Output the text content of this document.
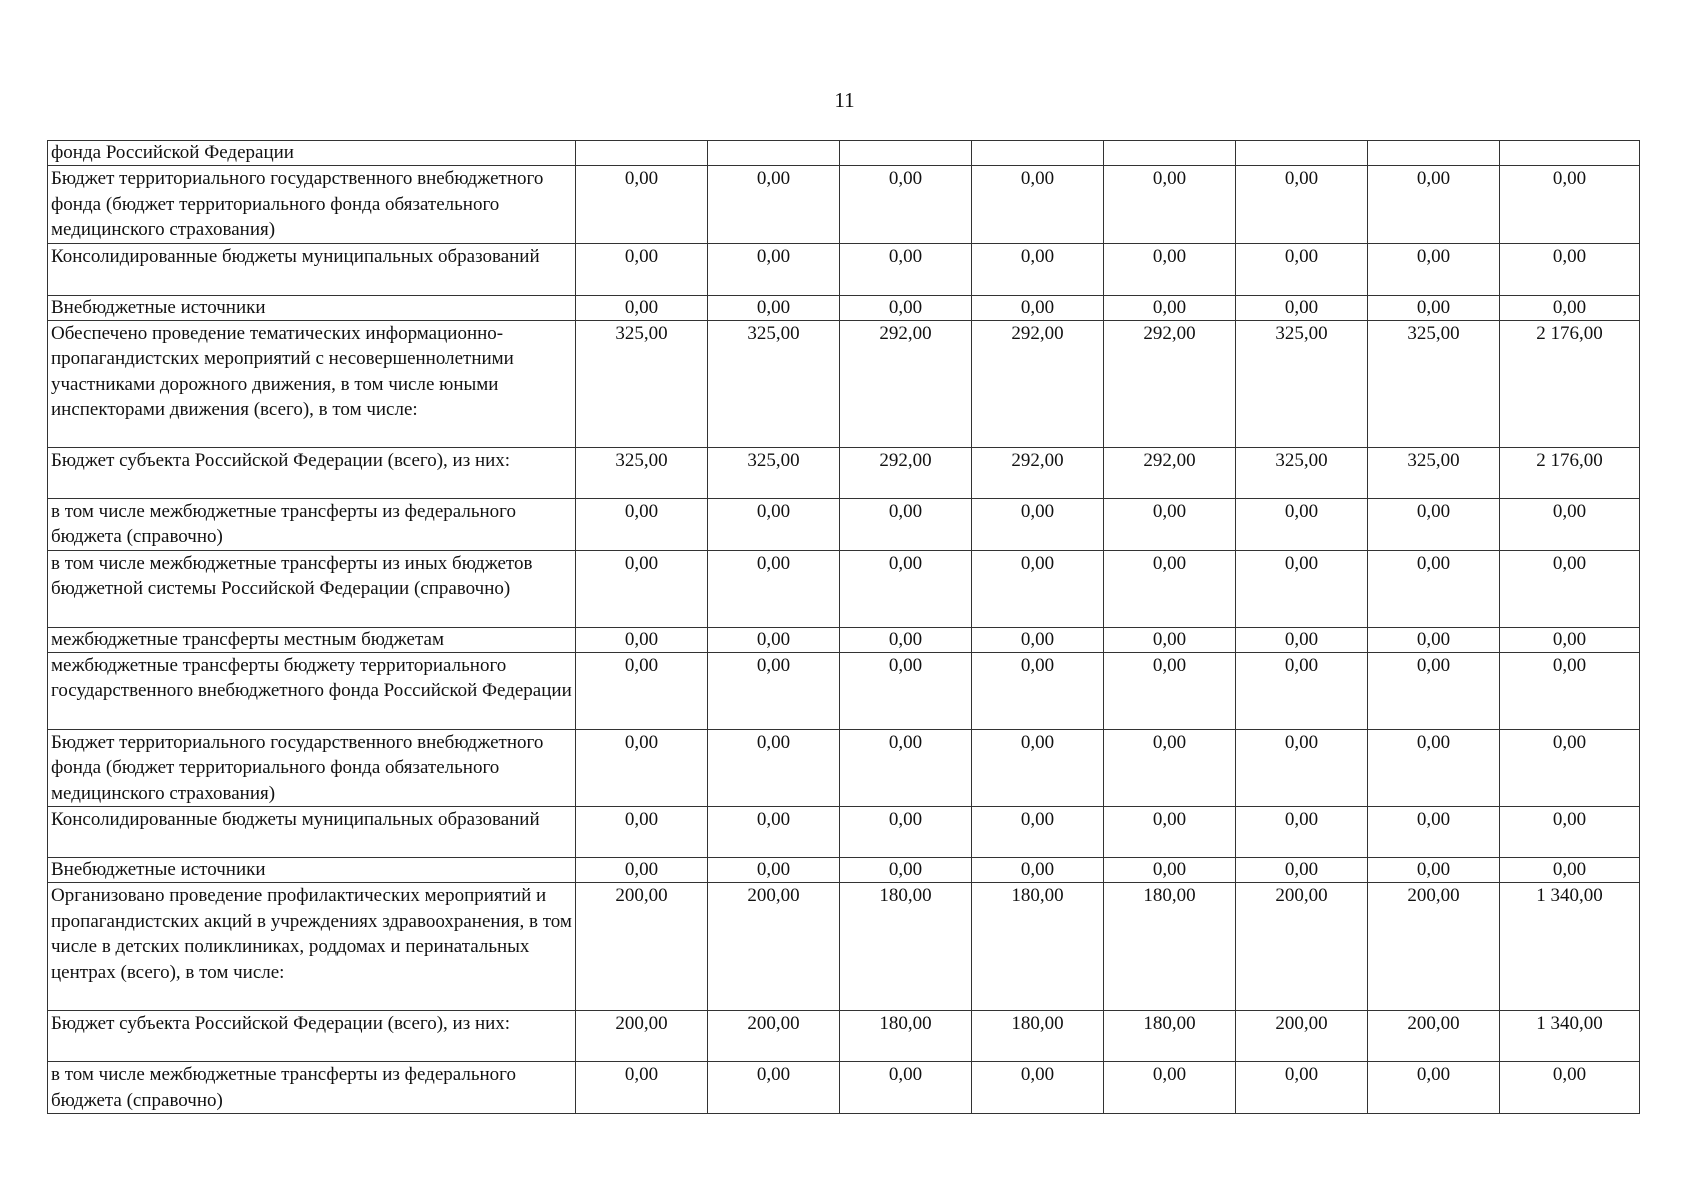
11
фонда Российской Федерации								
Бюджет территориального государственного внебюджетного фонда (бюджет территориального фонда обязательного медицинского страхования)	0,00	0,00	0,00	0,00	0,00	0,00	0,00	0,00
Консолидированные бюджеты муниципальных образований	0,00	0,00	0,00	0,00	0,00	0,00	0,00	0,00
Внебюджетные источники	0,00	0,00	0,00	0,00	0,00	0,00	0,00	0,00
Обеспечено проведение тематических информационно-пропагандистских мероприятий с несовершеннолетними участниками дорожного движения, в том числе юными инспекторами движения (всего), в том числе:	325,00	325,00	292,00	292,00	292,00	325,00	325,00	2 176,00
Бюджет субъекта Российской Федерации (всего), из них:	325,00	325,00	292,00	292,00	292,00	325,00	325,00	2 176,00
в том числе межбюджетные трансферты из федерального бюджета (справочно)	0,00	0,00	0,00	0,00	0,00	0,00	0,00	0,00
в том числе межбюджетные трансферты из иных бюджетов бюджетной системы Российской Федерации (справочно)	0,00	0,00	0,00	0,00	0,00	0,00	0,00	0,00
межбюджетные трансферты местным бюджетам	0,00	0,00	0,00	0,00	0,00	0,00	0,00	0,00
межбюджетные трансферты бюджету территориального государственного внебюджетного фонда Российской Федерации	0,00	0,00	0,00	0,00	0,00	0,00	0,00	0,00
Бюджет территориального государственного внебюджетного фонда (бюджет территориального фонда обязательного медицинского страхования)	0,00	0,00	0,00	0,00	0,00	0,00	0,00	0,00
Консолидированные бюджеты муниципальных образований	0,00	0,00	0,00	0,00	0,00	0,00	0,00	0,00
Внебюджетные источники	0,00	0,00	0,00	0,00	0,00	0,00	0,00	0,00
Организовано проведение профилактических мероприятий и пропагандистских акций в учреждениях здравоохранения, в том числе в детских поликлиниках, роддомах и перинатальных центрах (всего), в том числе:	200,00	200,00	180,00	180,00	180,00	200,00	200,00	1 340,00
Бюджет субъекта Российской Федерации (всего), из них:	200,00	200,00	180,00	180,00	180,00	200,00	200,00	1 340,00
в том числе межбюджетные трансферты из федерального бюджета (справочно)	0,00	0,00	0,00	0,00	0,00	0,00	0,00	0,00
